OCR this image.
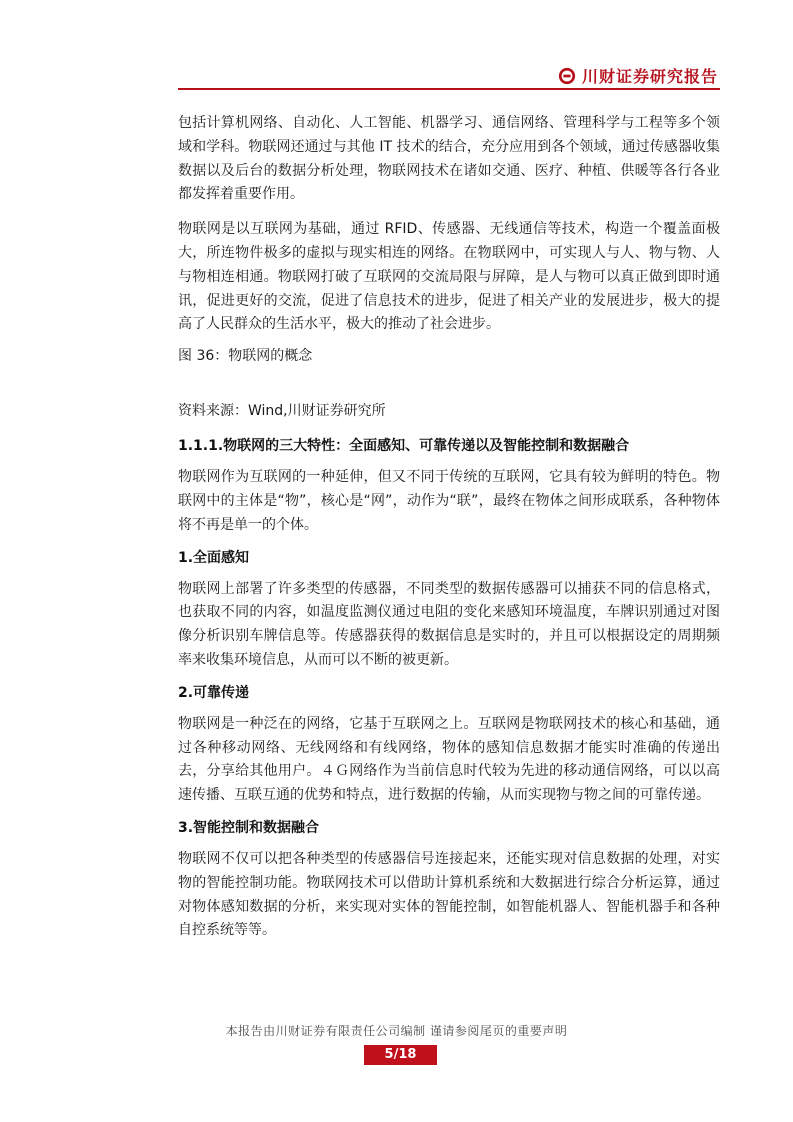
川财证券研究报告

包括计算机网络、自动化、人工智能、机器学习、通信网络、管理科学与工程等多个领域和学科。物联网还通过与其他 IT 技术的结合，充分应用到各个领域，通过传感器收集数据以及后台的数据分析处理，物联网技术在诸如交通、医疗、种植、供暖等各行各业都发挥着重要作用。

物联网是以互联网为基础，通过 RFID、传感器、无线通信等技术，构造一个覆盖面极大，所连物件极多的虚拟与现实相连的网络。在物联网中，可实现人与人、物与物、人与物相连相通。物联网打破了互联网的交流局限与屏障，是人与物可以真正做到即时通讯，促进更好的交流，促进了信息技术的进步，促进了相关产业的发展进步，极大的提高了人民群众的生活水平，极大的推动了社会进步。

图 36：物联网的概念

资料来源：Wind,川财证券研究所

1.1.1.物联网的三大特性：全面感知、可靠传递以及智能控制和数据融合

物联网作为互联网的一种延伸，但又不同于传统的互联网，它具有较为鲜明的特色。物联网中的主体是“物”，核心是“网”，动作为“联”，最终在物体之间形成联系，各种物体将不再是单一的个体。

1.全面感知

物联网上部署了许多类型的传感器，不同类型的数据传感器可以捕获不同的信息格式，也获取不同的内容，如温度监测仪通过电阻的变化来感知环境温度，车牌识别通过对图像分析识别车牌信息等。传感器获得的数据信息是实时的，并且可以根据设定的周期频率来收集环境信息，从而可以不断的被更新。

2.可靠传递

物联网是一种泛在的网络，它基于互联网之上。互联网是物联网技术的核心和基础，通过各种移动网络、无线网络和有线网络，物体的感知信息数据才能实时准确的传递出去，分享给其他用户。４Ｇ网络作为当前信息时代较为先进的移动通信网络，可以以高速传播、互联互通的优势和特点，进行数据的传输，从而实现物与物之间的可靠传递。

3.智能控制和数据融合

物联网不仅可以把各种类型的传感器信号连接起来，还能实现对信息数据的处理，对实物的智能控制功能。物联网技术可以借助计算机系统和大数据进行综合分析运算，通过对物体感知数据的分析，来实现对实体的智能控制，如智能机器人、智能机器手和各种自控系统等等。

本报告由川财证券有限责任公司编制 谨请参阅尾页的重要声明
5/18
